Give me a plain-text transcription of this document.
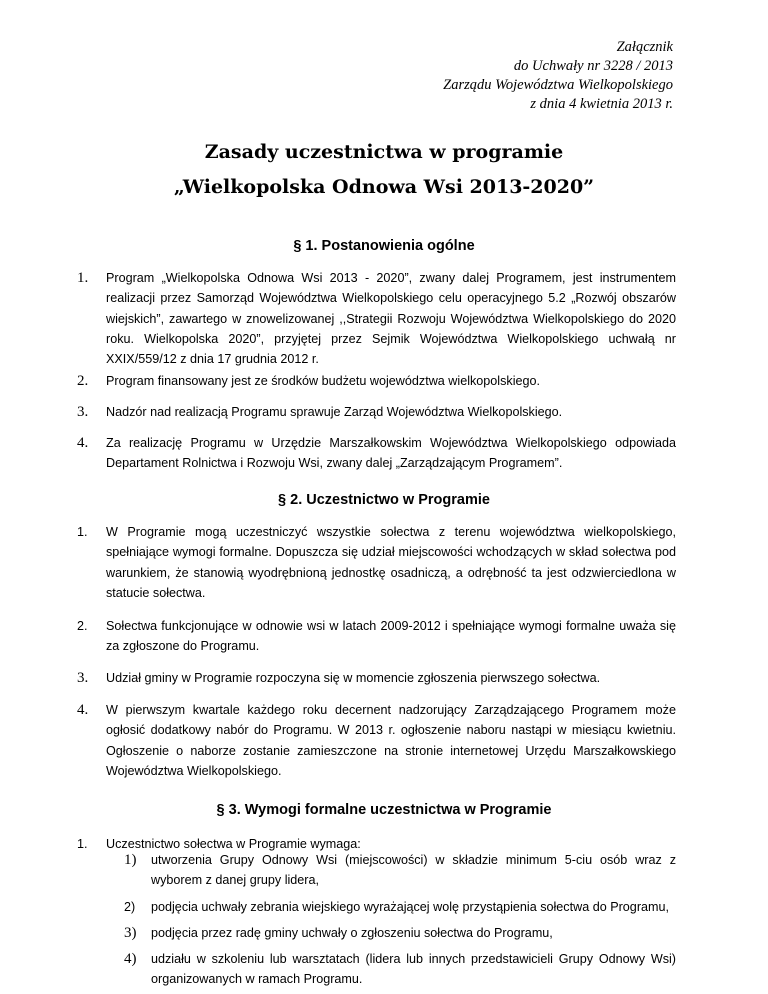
Załącznik
do Uchwały nr 3228 / 2013
Zarządu Województwa Wielkopolskiego
z dnia 4 kwietnia 2013 r.
Zasady uczestnictwa w programie
„Wielkopolska Odnowa Wsi 2013-2020”
§ 1. Postanowienia ogólne
1. Program „Wielkopolska Odnowa Wsi 2013 - 2020”, zwany dalej Programem, jest instrumentem realizacji przez Samorząd Województwa Wielkopolskiego celu operacyjnego 5.2 „Rozwój obszarów wiejskich”, zawartego w znowelizowanej ,,Strategii Rozwoju Województwa Wielkopolskiego do 2020 roku. Wielkopolska 2020”, przyjętej przez Sejmik Województwa Wielkopolskiego uchwałą nr XXIX/559/12 z dnia 17 grudnia 2012 r.
2. Program finansowany jest ze środków budżetu województwa wielkopolskiego.
3. Nadzór nad realizacją Programu sprawuje Zarząd Województwa Wielkopolskiego.
4. Za realizację Programu w Urzędzie Marszałkowskim Województwa Wielkopolskiego odpowiada Departament Rolnictwa i Rozwoju Wsi, zwany dalej „Zarządzającym Programem”.
§ 2. Uczestnictwo w Programie
1. W Programie mogą uczestniczyć wszystkie sołectwa z terenu województwa wielkopolskiego, spełniające wymogi formalne. Dopuszcza się udział miejscowości wchodzących w skład sołectwa pod warunkiem, że stanowią wyodrębnioną jednostkę osadniczą, a odrębność ta jest odzwierciedlona w statucie sołectwa.
2. Sołectwa funkcjonujące w odnowie wsi w latach 2009-2012 i spełniające wymogi formalne uważa się za zgłoszone do Programu.
3. Udział gminy w Programie rozpoczyna się w momencie zgłoszenia pierwszego sołectwa.
4. W pierwszym kwartale każdego roku decernent nadzorujący Zarządzającego Programem może ogłosić dodatkowy nabór do Programu. W 2013 r. ogłoszenie naboru nastąpi w miesiącu kwietniu. Ogłoszenie o naborze zostanie zamieszczone na stronie internetowej Urzędu Marszałkowskiego Województwa Wielkopolskiego.
§ 3. Wymogi formalne uczestnictwa w Programie
1. Uczestnictwo sołectwa w Programie wymaga:
1) utworzenia Grupy Odnowy Wsi (miejscowości) w składzie minimum 5-ciu osób wraz z wyborem z danej grupy lidera,
2) podjęcia uchwały zebrania wiejskiego wyrażającej wolę przystąpienia sołectwa do Programu,
3) podjęcia przez radę gminy uchwały o zgłoszeniu sołectwa do Programu,
4) udziału w szkoleniu lub warsztatach (lidera lub innych przedstawicieli Grupy Odnowy Wsi) organizowanych w ramach Programu.
